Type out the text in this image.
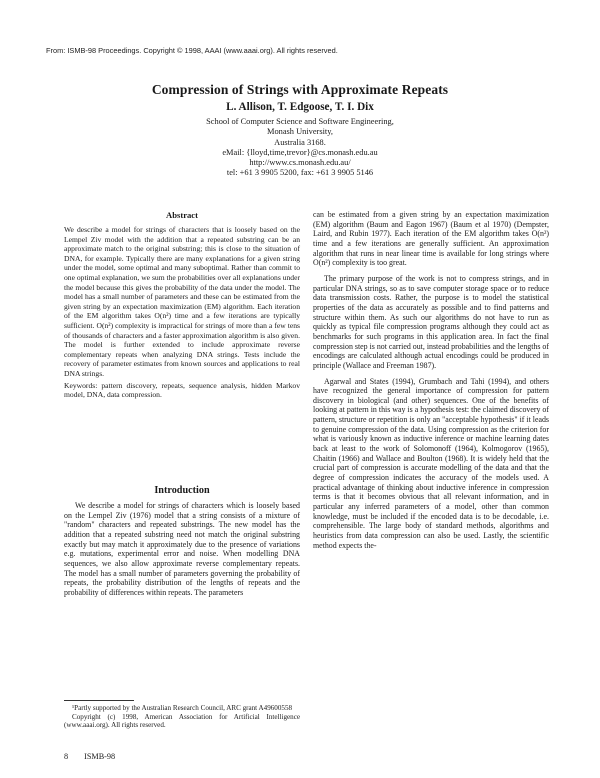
From: ISMB-98 Proceedings. Copyright © 1998, AAAI (www.aaai.org). All rights reserved.
Compression of Strings with Approximate Repeats
L. Allison, T. Edgoose, T. I. Dix
School of Computer Science and Software Engineering,
Monash University,
Australia 3168.
eMail: {lloyd,time,trevor}@cs.monash.edu.au
http://www.cs.monash.edu.au/
tel: +61 3 9905 5200, fax: +61 3 9905 5146
Abstract

We describe a model for strings of characters that is loosely based on the Lempel Ziv model with the addition that a repeated substring can be an approximate match to the original substring; this is close to the situation of DNA, for example. Typically there are many explanations for a given string under the model, some optimal and many suboptimal. Rather than commit to one optimal explanation, we sum the probabilities over all explanations under the model because this gives the probability of the data under the model. The model has a small number of parameters and these can be estimated from the given string by an expectation maximization (EM) algorithm. Each iteration of the EM algorithm takes O(n²) time and a few iterations are typically sufficient. O(n²) complexity is impractical for strings of more than a few tens of thousands of characters and a faster approximation algorithm is also given. The model is further extended to include approximate reverse complementary repeats when analyzing DNA strings. Tests include the recovery of parameter estimates from known sources and applications to real DNA strings.

Keywords: pattern discovery, repeats, sequence analysis, hidden Markov model, DNA, data compression.

Introduction

We describe a model for strings of characters which is loosely based on the Lempel Ziv (1976) model that a string consists of a mixture of "random" characters and repeated substrings. The new model has the addition that a repeated substring need not match the original substring exactly but may match it approximately due to the presence of variations e.g. mutations, experimental error and noise. When modelling DNA sequences, we also allow approximate reverse complementary repeats. The model has a small number of parameters governing the probability of repeats, the probability distribution of the lengths of repeats and the probability of differences within repeats. The parameters

¹Partly supported by the Australian Research Council, ARC grant A49600558

Copyright (c) 1998, American Association for Artificial Intelligence (www.aaai.org). All rights reserved.

8 ISMB-98

can be estimated from a given string by an expectation maximization (EM) algorithm (Baum and Eagon 1967) (Baum et al 1970) (Dempster, Laird, and Rubin 1977). Each iteration of the EM algorithm takes O(n²) time and a few iterations are generally sufficient. An approximation algorithm that runs in near linear time is available for long strings where O(n²) complexity is too great.

The primary purpose of the work is not to compress strings, and in particular DNA strings, so as to save computer storage space or to reduce data transmission costs. Rather, the purpose is to model the statistical properties of the data as accurately as possible and to find patterns and structure within them. As such our algorithms do not have to run as quickly as typical file compression programs although they could act as benchmarks for such programs in this application area. In fact the final compression step is not carried out, instead probabilities and the lengths of encodings are calculated although actual encodings could be produced in principle (Wallace and Freeman 1987).

Agarwal and States (1994), Grumbach and Tahi (1994), and others have recognized the general importance of compression for pattern discovery in biological (and other) sequences. One of the benefits of looking at pattern in this way is a hypothesis test: the claimed discovery of pattern, structure or repetition is only an "acceptable hypothesis" if it leads to genuine compression of the data. Using compression as the criterion for what is variously known as inductive inference or machine learning dates back at least to the work of Solomonoff (1964), Kolmogorov (1965), Chaitin (1966) and Wallace and Boulton (1968). It is widely held that the crucial part of compression is accurate modelling of the data and that the degree of compression indicates the accuracy of the models used. A practical advantage of thinking about inductive inference in compression terms is that it becomes obvious that all relevant information, and in particular any inferred parameters of a model, other than common knowledge, must be included if the encoded data is to be decodable, i.e. comprehensible. The large body of standard methods, algorithms and heuristics from data compression can also be used. Lastly, the scientific method expects the-
